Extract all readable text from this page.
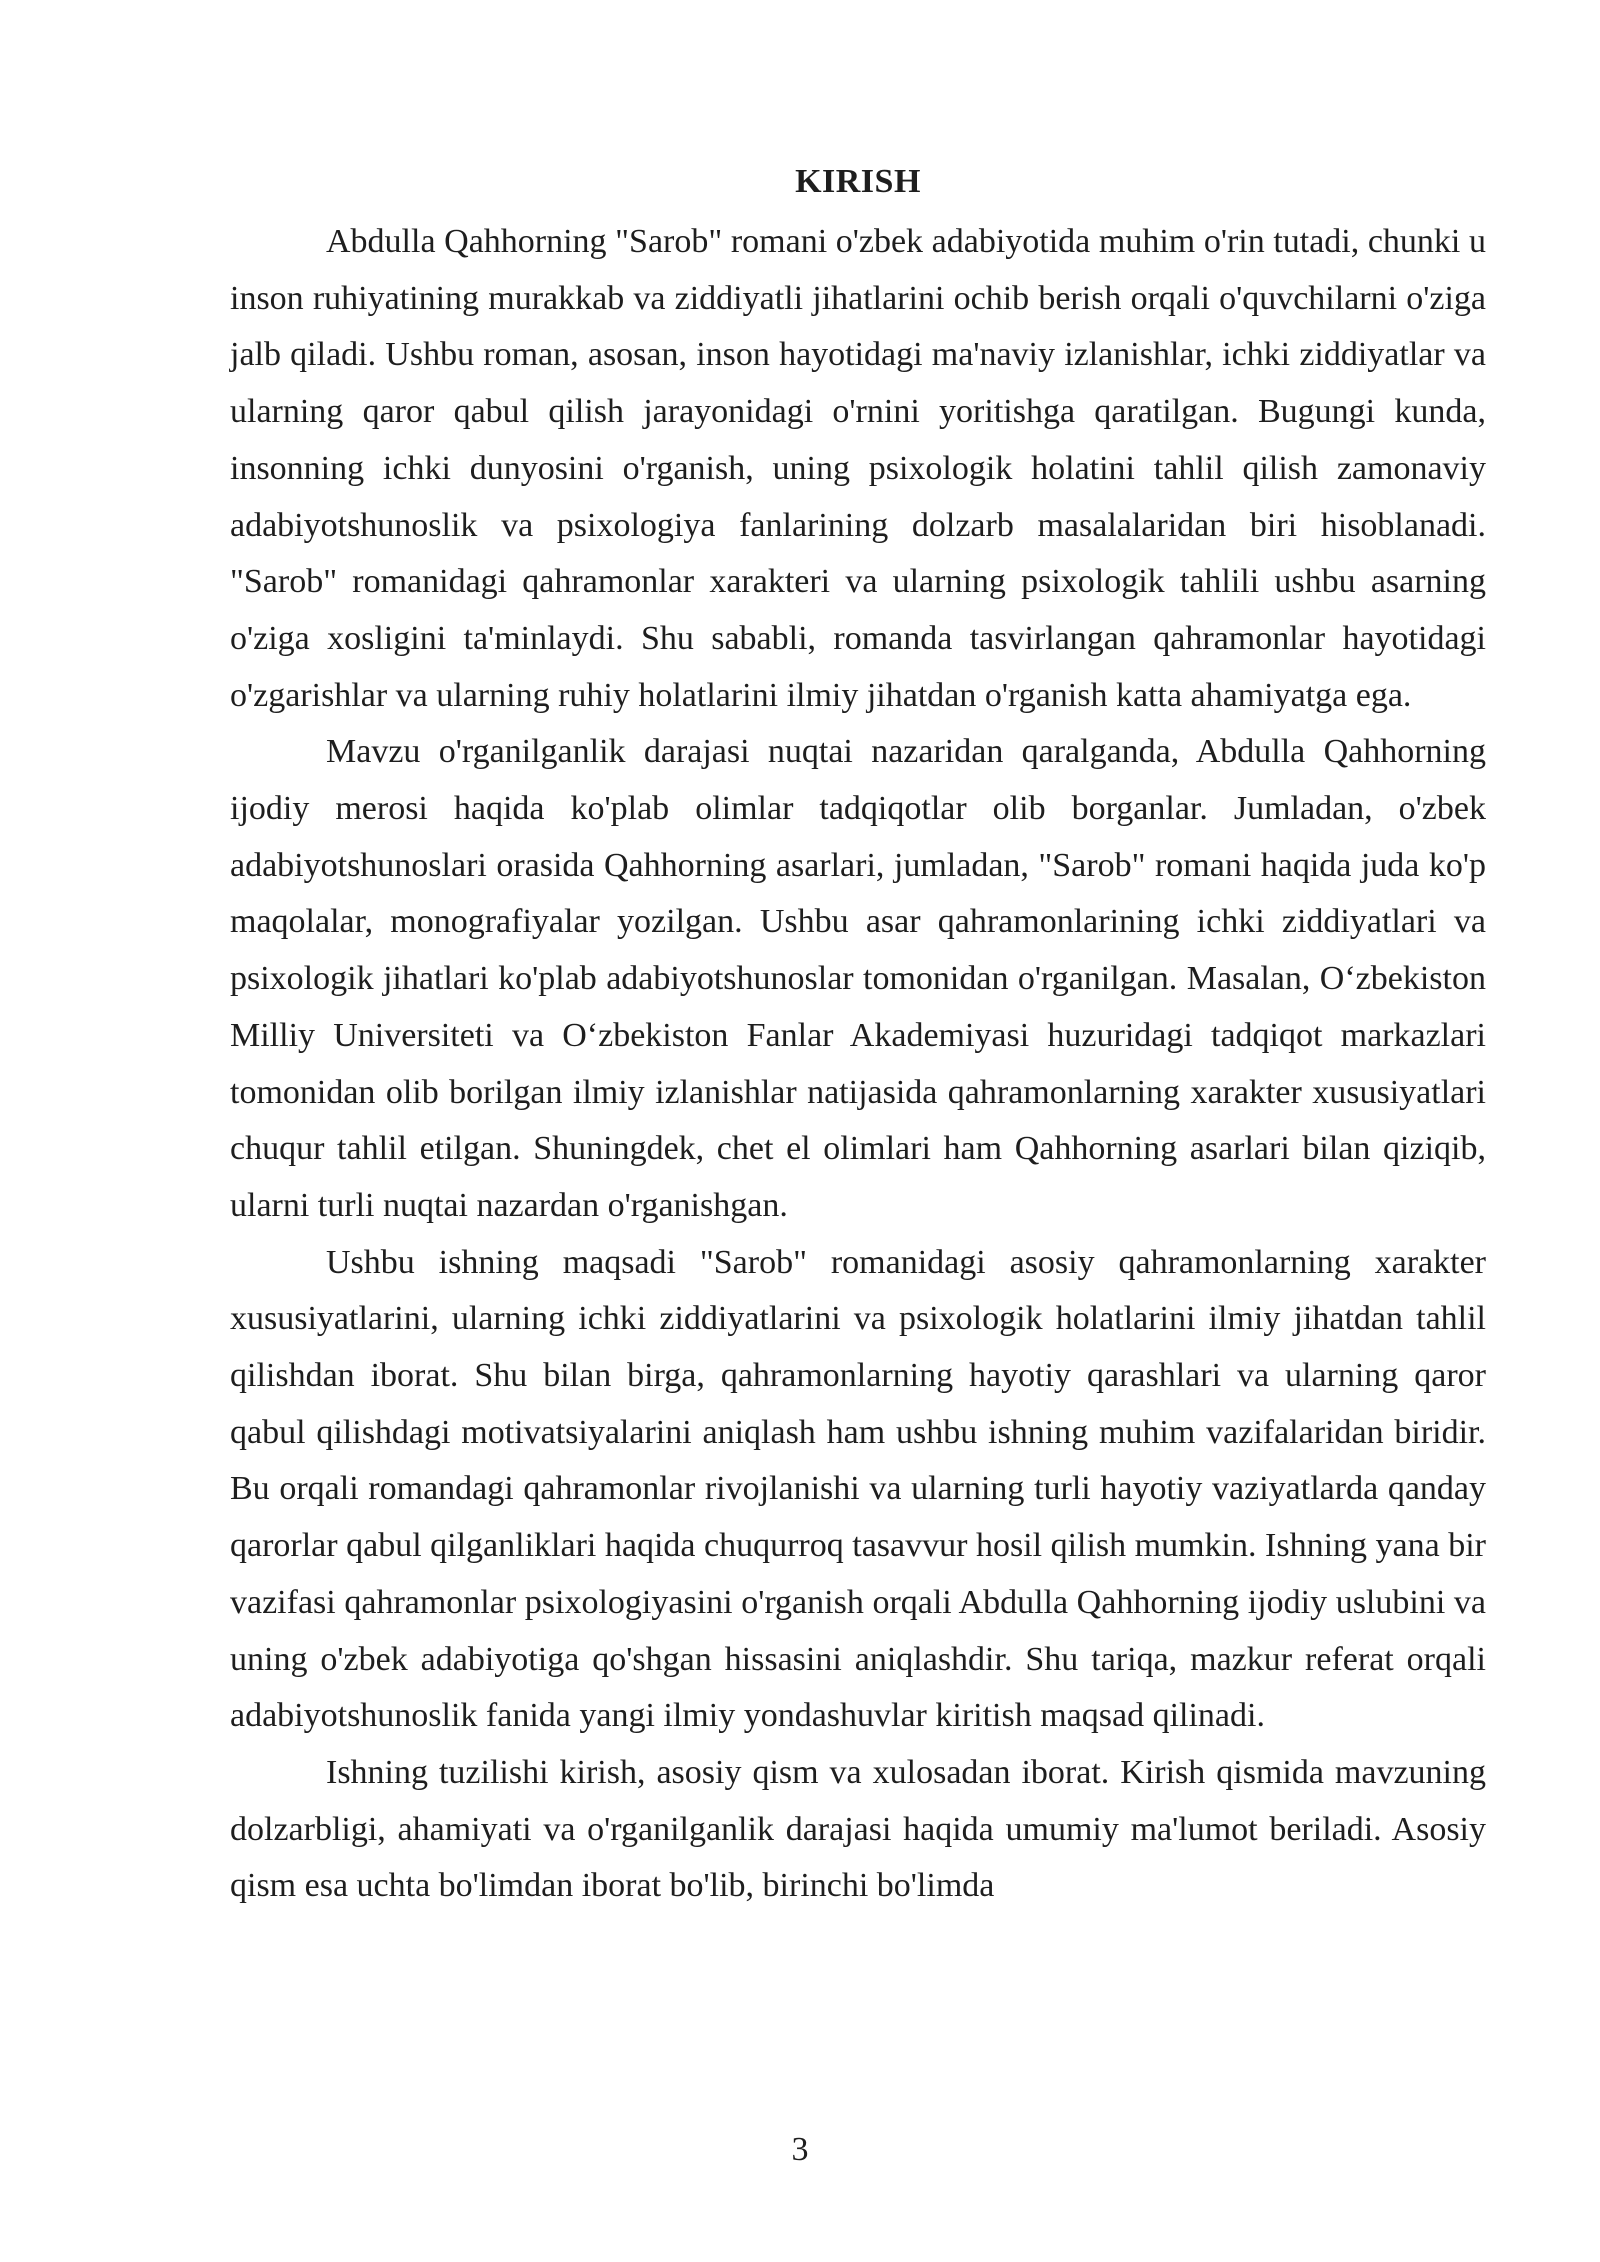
KIRISH

Abdulla Qahhorning "Sarob" romani o'zbek adabiyotida muhim o'rin tutadi, chunki u inson ruhiyatining murakkab va ziddiyatli jihatlarini ochib berish orqali o'quvchilarni o'ziga jalb qiladi. Ushbu roman, asosan, inson hayotidagi ma'naviy izlanishlar, ichki ziddiyatlar va ularning qaror qabul qilish jarayonidagi o'rnini yoritishga qaratilgan. Bugungi kunda, insonning ichki dunyosini o'rganish, uning psixologik holatini tahlil qilish zamonaviy adabiyotshunoslik va psixologiya fanlarining dolzarb masalalaridan biri hisoblanadi. "Sarob" romanidagi qahramonlar xarakteri va ularning psixologik tahlili ushbu asarning o'ziga xosligini ta'minlaydi. Shu sababli, romanda tasvirlangan qahramonlar hayotidagi o'zgarishlar va ularning ruhiy holatlarini ilmiy jihatdan o'rganish katta ahamiyatga ega.

Mavzu o'rganilganlik darajasi nuqtai nazaridan qaralganda, Abdulla Qahhorning ijodiy merosi haqida ko'plab olimlar tadqiqotlar olib borganlar. Jumladan, o'zbek adabiyotshunoslari orasida Qahhorning asarlari, jumladan, "Sarob" romani haqida juda ko'p maqolalar, monografiyalar yozilgan. Ushbu asar qahramonlarining ichki ziddiyatlari va psixologik jihatlari ko'plab adabiyotshunoslar tomonidan o'rganilgan. Masalan, O‘zbekiston Milliy Universiteti va O‘zbekiston Fanlar Akademiyasi huzuridagi tadqiqot markazlari tomonidan olib borilgan ilmiy izlanishlar natijasida qahramonlarning xarakter xususiyatlari chuqur tahlil etilgan. Shuningdek, chet el olimlari ham Qahhorning asarlari bilan qiziqib, ularni turli nuqtai nazardan o'rganishgan.

Ushbu ishning maqsadi "Sarob" romanidagi asosiy qahramonlarning xarakter xususiyatlarini, ularning ichki ziddiyatlarini va psixologik holatlarini ilmiy jihatdan tahlil qilishdan iborat. Shu bilan birga, qahramonlarning hayotiy qarashlari va ularning qaror qabul qilishdagi motivatsiyalarini aniqlash ham ushbu ishning muhim vazifalaridan biridir. Bu orqali romandagi qahramonlar rivojlanishi va ularning turli hayotiy vaziyatlarda qanday qarorlar qabul qilganliklari haqida chuqurroq tasavvur hosil qilish mumkin. Ishning yana bir vazifasi qahramonlar psixologiyasini o'rganish orqali Abdulla Qahhorning ijodiy uslubini va uning o'zbek adabiyotiga qo'shgan hissasini aniqlashdir. Shu tariqa, mazkur referat orqali adabiyotshunoslik fanida yangi ilmiy yondashuvlar kiritish maqsad qilinadi.

Ishning tuzilishi kirish, asosiy qism va xulosadan iborat. Kirish qismida mavzuning dolzarbligi, ahamiyati va o'rganilganlik darajasi haqida umumiy ma'lumot beriladi. Asosiy qism esa uchta bo'limdan iborat bo'lib, birinchi bo'limda

3
